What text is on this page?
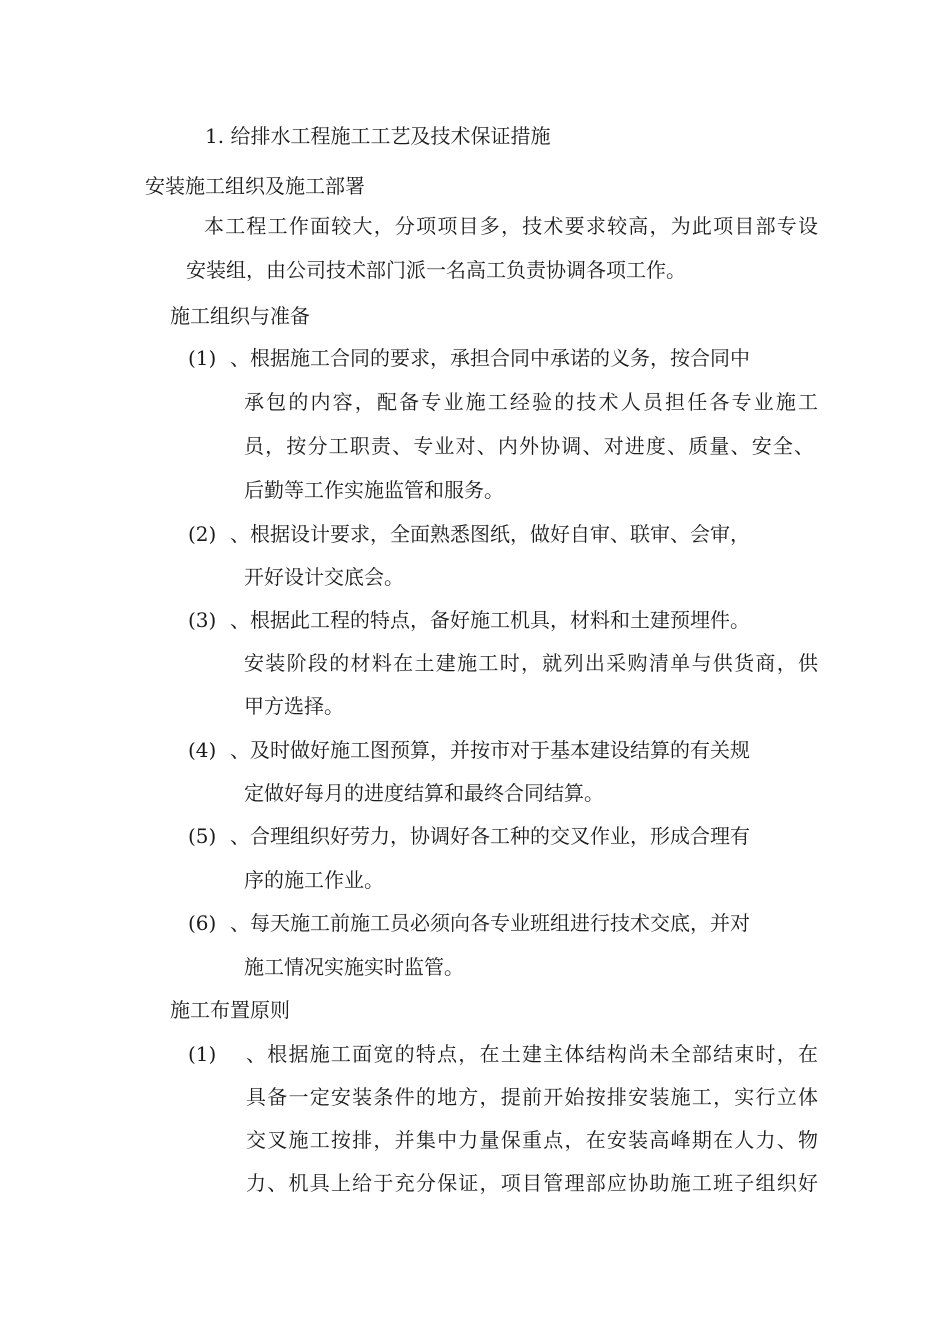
1. 给排水工程施工工艺及技术保证措施
安装施工组织及施工部署
本工程工作面较大，分项项目多，技术要求较高，为此项目部专设
安装组，由公司技术部门派一名高工负责协调各项工作。
施工组织与准备
(1) 、根据施工合同的要求，承担合同中承诺的义务，按合同中
承包的内容，配备专业施工经验的技术人员担任各专业施工
员，按分工职责、专业对、内外协调、对进度、质量、安全、
后勤等工作实施监管和服务。
(2) 、根据设计要求，全面熟悉图纸，做好自审、联审、会审，
开好设计交底会。
(3) 、根据此工程的特点，备好施工机具，材料和土建预埋件。
安装阶段的材料在土建施工时，就列出采购清单与供货商，供
甲方选择。
(4) 、及时做好施工图预算，并按市对于基本建设结算的有关规
定做好每月的进度结算和最终合同结算。
(5) 、合理组织好劳力，协调好各工种的交叉作业，形成合理有
序的施工作业。
(6) 、每天施工前施工员必须向各专业班组进行技术交底，并对
施工情况实施实时监管。
施工布置原则
(1) 、根据施工面宽的特点，在土建主体结构尚未全部结束时，在
具备一定安装条件的地方，提前开始按排安装施工，实行立体
交叉施工按排，并集中力量保重点，在安装高峰期在人力、物
力、机具上给于充分保证，项目管理部应协助施工班子组织好
